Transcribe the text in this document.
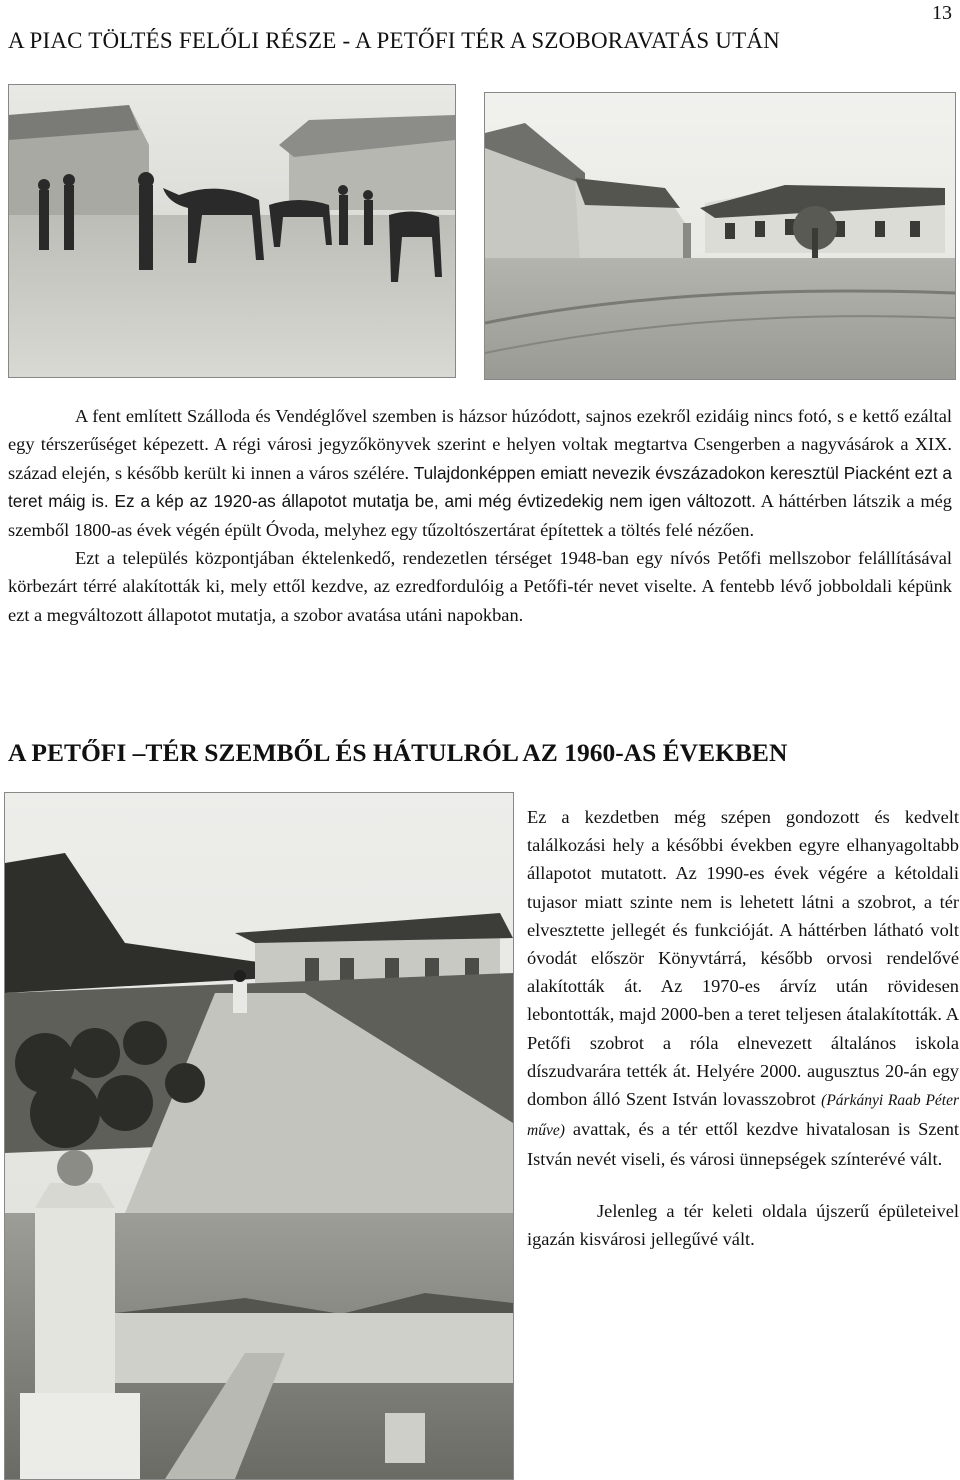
13
A PIAC TÖLTÉS FELŐLI RÉSZE - A PETŐFI TÉR A SZOBORAVATÁS UTÁN

A fent említett Szálloda és Vendéglővel szemben is házsor húzódott, sajnos ezekről ezidáig nincs fotó, s e kettő ezáltal egy térszerűséget képezett. A régi városi jegyzőkönyvek szerint e helyen voltak megtartva Csengerben a nagyvásárok a XIX. század elején, s később került ki innen a város szélére. Tulajdonképpen emiatt nevezik évszázadokon keresztül Piacként ezt a teret máig is. Ez a kép az 1920-as állapotot mutatja be, ami még évtizedekig nem igen változott. A háttérben látszik a még szemből 1800-as évek végén épült Óvoda, melyhez egy tűzoltószertárat építettek a töltés felé nézően.

Ezt a település központjában éktelenkedő, rendezetlen térséget 1948-ban egy nívós Petőfi mellszobor felállításával körbezárt térré alakították ki, mely ettől kezdve, az ezredfordulóig a Petőfi-tér nevet viselte. A fentebb lévő jobboldali képünk ezt a megváltozott állapotot mutatja, a szobor avatása utáni napokban.

A PETŐFI –TÉR SZEMBŐL ÉS HÁTULRÓL AZ 1960-AS ÉVEKBEN

Ez a kezdetben még szépen gondozott és kedvelt találkozási hely a későbbi években egyre elhanyagoltabb állapotot mutatott. Az 1990-es évek végére a kétoldali tujasor miatt szinte nem is lehetett látni a szobrot, a tér elvesztette jellegét és funkcióját. A háttérben látható volt óvodát először Könyvtárrá, később orvosi rendelővé alakították át. Az 1970-es árvíz után rövidesen lebontották, majd 2000-ben a teret teljesen átalakították. A Petőfi szobrot a róla elnevezett általános iskola díszudvarára tették át. Helyére 2000. augusztus 20-án egy dombon álló Szent István lovasszobrot (Párkányi Raab Péter műve) avattak, és a tér ettől kezdve hivatalosan is Szent István nevét viseli, és városi ünnepségek színterévé vált.

Jelenleg a tér keleti oldala újszerű épületeivel igazán kisvárosi jellegűvé vált.
